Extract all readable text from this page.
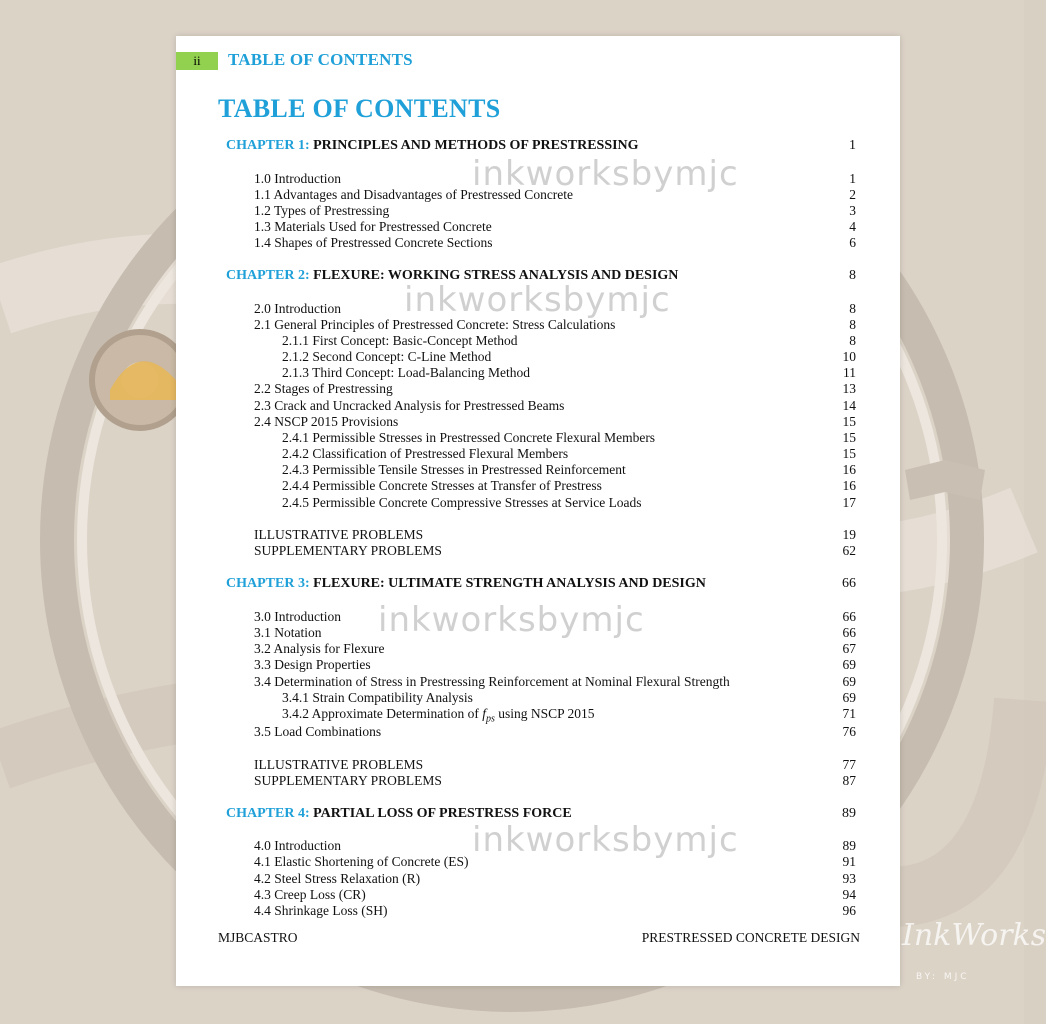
ii	TABLE OF CONTENTS
TABLE OF CONTENTS
CHAPTER 1: PRINCIPLES AND METHODS OF PRESTRESSING	1
1.0 Introduction	1
1.1 Advantages and Disadvantages of Prestressed Concrete	2
1.2 Types of Prestressing	3
1.3 Materials Used for Prestressed Concrete	4
1.4 Shapes of Prestressed Concrete Sections	6
CHAPTER 2: FLEXURE: WORKING STRESS ANALYSIS AND DESIGN	8
2.0 Introduction	8
2.1 General Principles of Prestressed Concrete: Stress Calculations	8
2.1.1 First Concept: Basic-Concept Method	8
2.1.2 Second Concept: C-Line Method	10
2.1.3 Third Concept: Load-Balancing Method	11
2.2 Stages of Prestressing	13
2.3 Crack and Uncracked Analysis for Prestressed Beams	14
2.4 NSCP 2015 Provisions	15
2.4.1 Permissible Stresses in Prestressed Concrete Flexural Members	15
2.4.2 Classification of Prestressed Flexural Members	15
2.4.3 Permissible Tensile Stresses in Prestressed Reinforcement	16
2.4.4 Permissible Concrete Stresses at Transfer of Prestress	16
2.4.5 Permissible Concrete Compressive Stresses at Service Loads	17
ILLUSTRATIVE PROBLEMS	19
SUPPLEMENTARY PROBLEMS	62
CHAPTER 3: FLEXURE: ULTIMATE STRENGTH ANALYSIS AND DESIGN	66
3.0 Introduction	66
3.1 Notation	66
3.2 Analysis for Flexure	67
3.3 Design Properties	69
3.4 Determination of Stress in Prestressing Reinforcement at Nominal Flexural Strength	69
3.4.1 Strain Compatibility Analysis	69
3.4.2 Approximate Determination of $f_{ps}$ using NSCP 2015	71
3.5 Load Combinations	76
ILLUSTRATIVE PROBLEMS	77
SUPPLEMENTARY PROBLEMS	87
CHAPTER 4: PARTIAL LOSS OF PRESTRESS FORCE	89
4.0 Introduction	89
4.1 Elastic Shortening of Concrete (ES)	91
4.2 Steel Stress Relaxation (R)	93
4.3 Creep Loss (CR)	94
4.4 Shrinkage Loss (SH)	96
MJBCASTRO	PRESTRESSED CONCRETE DESIGN
inkworksbymjc
inkworksbymjc
inkworksbymjc
inkworksbymjc
InkWorks
BY: MJC
